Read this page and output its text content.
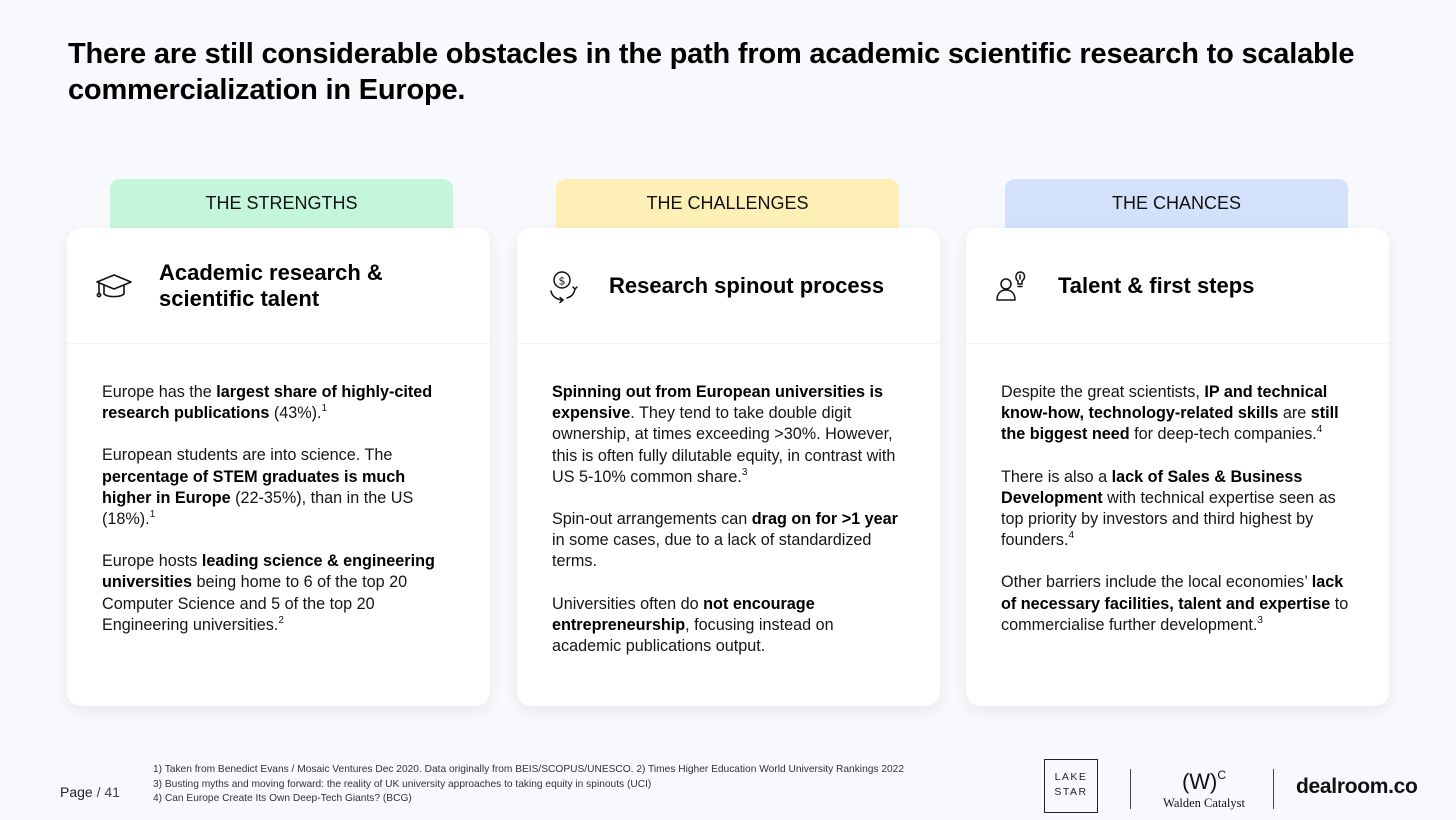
There are still considerable obstacles in the path from academic scientific research to scalable commercialization in Europe.
THE STRENGTHS
Academic research &
scientific talent

Europe has the largest share of highly-cited research publications (43%).$^1$

European students are into science. The percentage of STEM graduates is much higher in Europe (22-35%), than in the US (18%).$^1$

Europe hosts leading science & engineering universities being home to 6 of the top 20 Computer Science and 5 of the top 20 Engineering universities.$^2$

THE CHALLENGES
$ Research spinout process

Spinning out from European universities is expensive. They tend to take double digit ownership, at times exceeding >30%. However, this is often fully dilutable equity, in contrast with US 5-10% common share.$^3$

Spin-out arrangements can drag on for >1 year in some cases, due to a lack of standardized terms.

Universities often do not encourage entrepreneurship, focusing instead on academic publications output.

THE CHANCES
Talent & first steps

Despite the great scientists, IP and technical know-how, technology-related skills are still the biggest need for deep-tech companies.$^4$

There is also a lack of Sales & Business Development with technical expertise seen as top priority by investors and third highest by founders.$^4$

Other barriers include the local economies’ lack of necessary facilities, talent and expertise to commercialise further development.$^3$

Page / 41
1) Taken from Benedict Evans / Mosaic Ventures Dec 2020. Data originally from BEIS/SCOPUS/UNESCO. 2) Times Higher Education World University Rankings 2022
3) Busting myths and moving forward: the reality of UK university approaches to taking equity in spinouts (UCI)
4) Can Europe Create Its Own Deep-Tech Giants? (BCG)
LAKE
STAR	$(W)^C$
Walden Catalyst
dealroom.co
